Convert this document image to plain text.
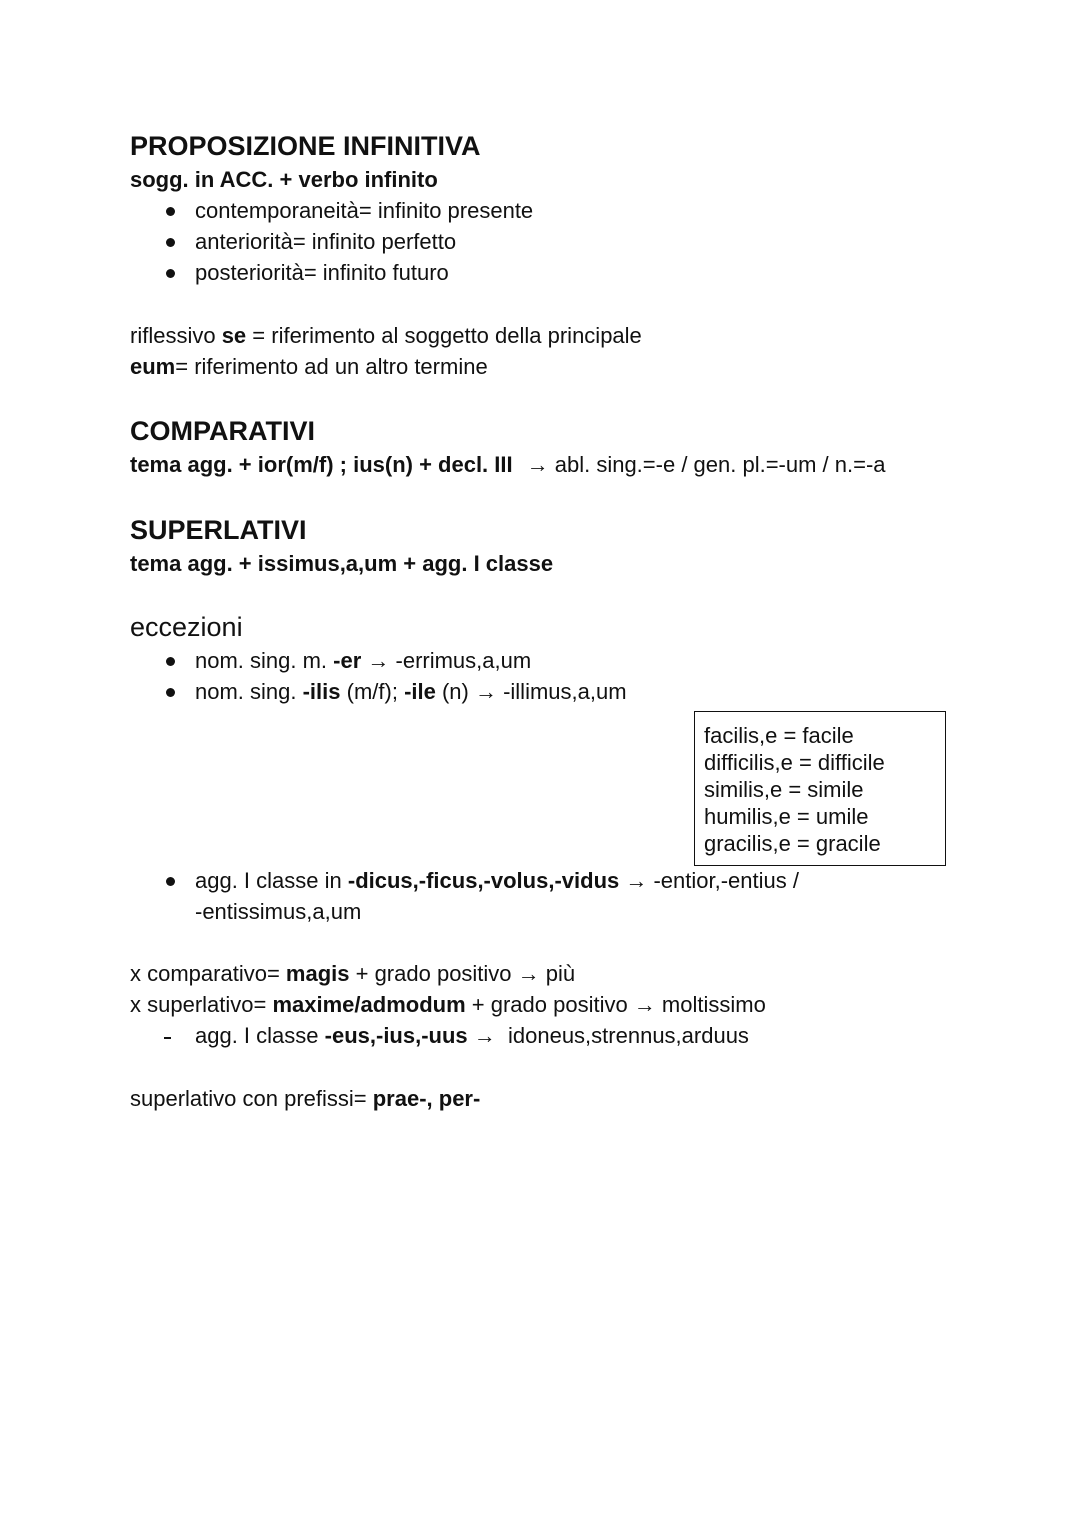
PROPOSIZIONE INFINITIVA
sogg. in ACC. + verbo infinito
contemporaneità= infinito presente
anteriorità= infinito perfetto
posteriorità= infinito futuro
riflessivo se = riferimento al soggetto della principale
eum= riferimento ad un altro termine
COMPARATIVI
tema agg. + ior(m/f) ; ius(n) + decl. III → abl. sing.=-e / gen. pl.=-um / n.=-a
SUPERLATIVI
tema agg. + issimus,a,um + agg. I classe
eccezioni
nom. sing. m. -er → -errimus,a,um
nom. sing. -ilis (m/f); -ile (n) → -illimus,a,um
facilis,e = facile
difficilis,e = difficile
similis,e = simile
humilis,e = umile
gracilis,e = gracile
agg. I classe in -dicus,-ficus,-volus,-vidus → -entior,-entius /
-entissimus,a,um
x comparativo= magis + grado positivo → più
x superlativo= maxime/admodum + grado positivo → moltissimo
agg. I classe -eus,-ius,-uus →  idoneus,strennus,arduus
superlativo con prefissi= prae-, per-
